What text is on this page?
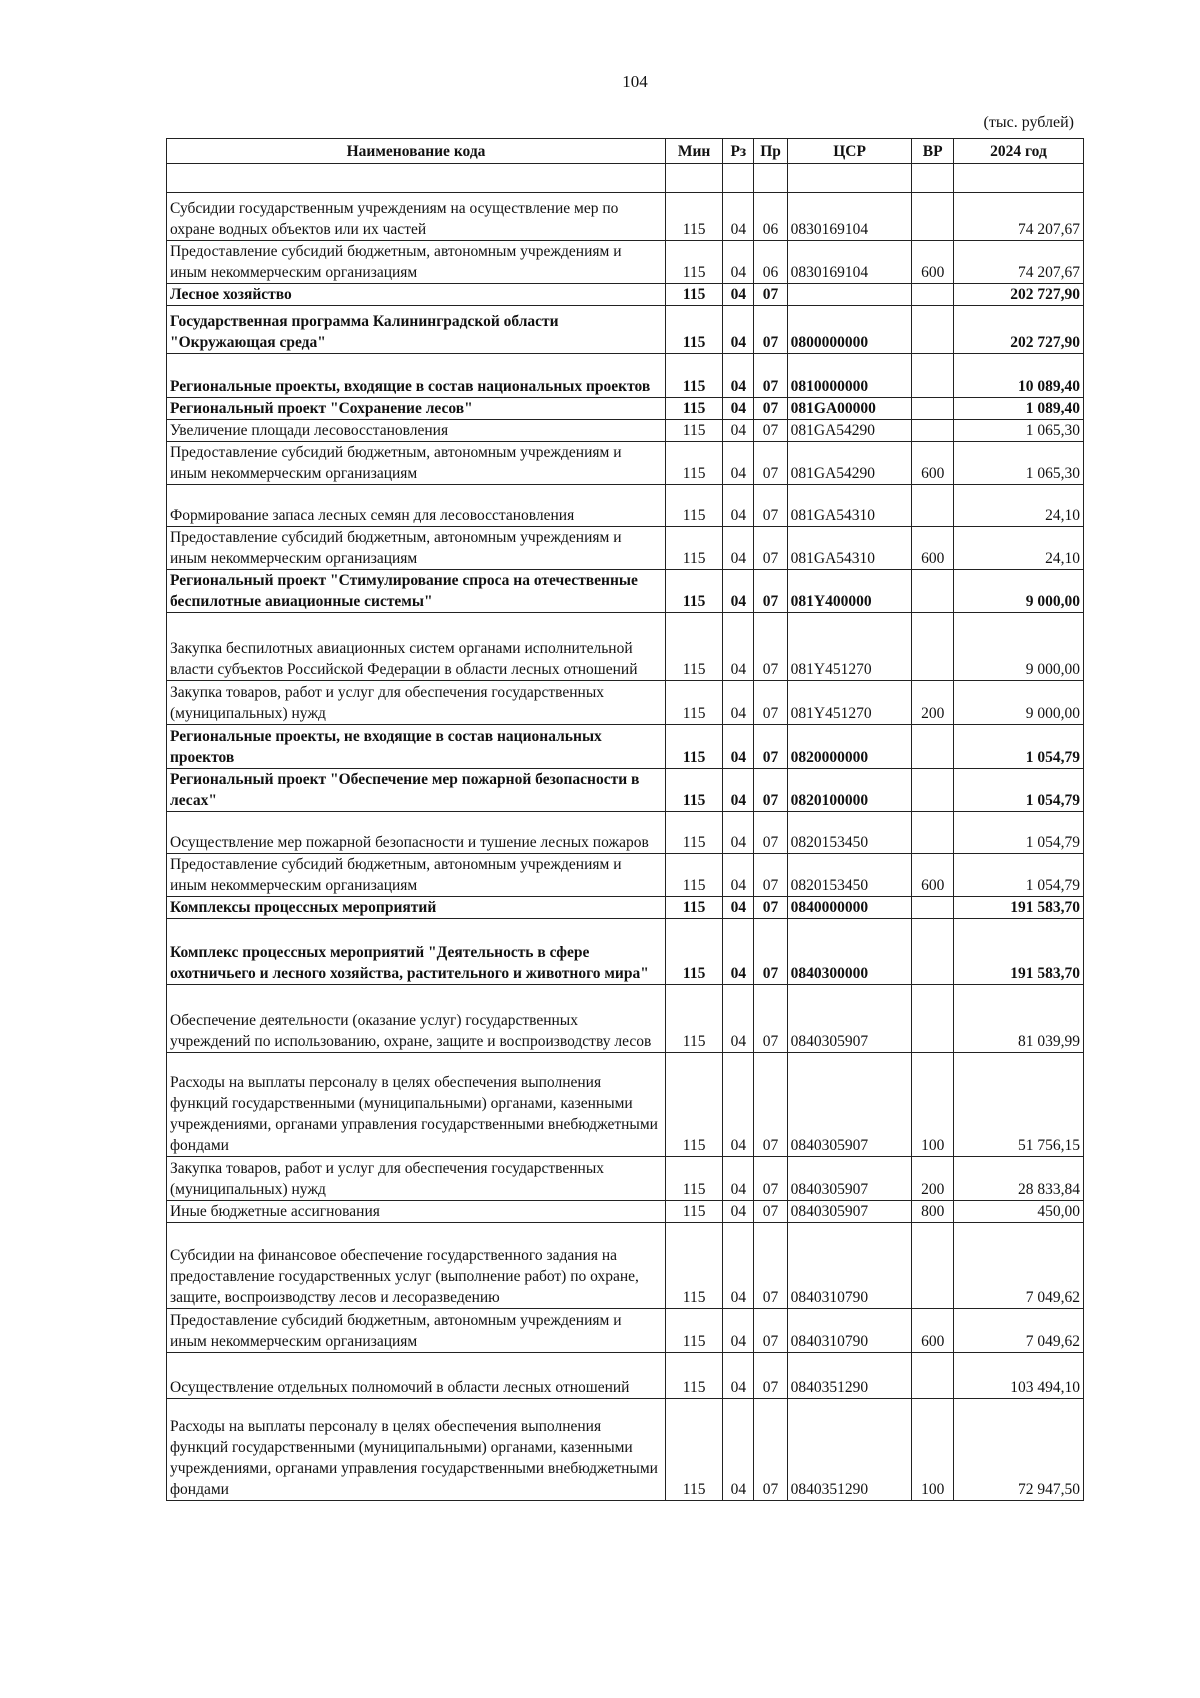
104
(тыс. рублей)
Наименование кода	Мин	Рз	Пр	ЦСР	ВР	2024 год

Субсидии государственным учреждениям на осуществление мер по охране водных объектов или их частей	115	04	06	0830169104		74 207,67
Предоставление субсидий бюджетным, автономным учреждениям и иным некоммерческим организациям	115	04	06	0830169104	600	74 207,67
Лесное хозяйство	115	04	07			202 727,90
Государственная программа Калининградской области "Окружающая среда"	115	04	07	0800000000		202 727,90
Региональные проекты, входящие в состав национальных проектов	115	04	07	0810000000		10 089,40
Региональный проект "Сохранение лесов"	115	04	07	081GA00000		1 089,40
Увеличение площади лесовосстановления	115	04	07	081GA54290		1 065,30
Предоставление субсидий бюджетным, автономным учреждениям и иным некоммерческим организациям	115	04	07	081GA54290	600	1 065,30
Формирование запаса лесных семян для лесовосстановления	115	04	07	081GA54310		24,10
Предоставление субсидий бюджетным, автономным учреждениям и иным некоммерческим организациям	115	04	07	081GA54310	600	24,10
Региональный проект "Стимулирование спроса на отечественные беспилотные авиационные системы"	115	04	07	081Y400000		9 000,00
Закупка беспилотных авиационных систем органами исполнительной власти субъектов Российской Федерации в области лесных отношений	115	04	07	081Y451270		9 000,00
Закупка товаров, работ и услуг для обеспечения государственных (муниципальных) нужд	115	04	07	081Y451270	200	9 000,00
Региональные проекты, не входящие в состав национальных проектов	115	04	07	0820000000		1 054,79
Региональный проект "Обеспечение мер пожарной безопасности в лесах"	115	04	07	0820100000		1 054,79
Осуществление мер пожарной безопасности и тушение лесных пожаров	115	04	07	0820153450		1 054,79
Предоставление субсидий бюджетным, автономным учреждениям и иным некоммерческим организациям	115	04	07	0820153450	600	1 054,79
Комплексы процессных мероприятий	115	04	07	0840000000		191 583,70
Комплекс процессных мероприятий "Деятельность в сфере охотничьего и лесного хозяйства, растительного и животного мира"	115	04	07	0840300000		191 583,70
Обеспечение деятельности (оказание услуг) государственных учреждений по использованию, охране, защите и воспроизводству лесов	115	04	07	0840305907		81 039,99
Расходы на выплаты персоналу в целях обеспечения выполнения функций государственными (муниципальными) органами, казенными учреждениями, органами управления государственными внебюджетными фондами	115	04	07	0840305907	100	51 756,15
Закупка товаров, работ и услуг для обеспечения государственных (муниципальных) нужд	115	04	07	0840305907	200	28 833,84
Иные бюджетные ассигнования	115	04	07	0840305907	800	450,00
Субсидии на финансовое обеспечение государственного задания на предоставление государственных услуг (выполнение работ) по охране, защите, воспроизводству лесов и лесоразведению	115	04	07	0840310790		7 049,62
Предоставление субсидий бюджетным, автономным учреждениям и иным некоммерческим организациям	115	04	07	0840310790	600	7 049,62
Осуществление отдельных полномочий в области лесных отношений	115	04	07	0840351290		103 494,10
Расходы на выплаты персоналу в целях обеспечения выполнения функций государственными (муниципальными) органами, казенными учреждениями, органами управления государственными внебюджетными фондами	115	04	07	0840351290	100	72 947,50
